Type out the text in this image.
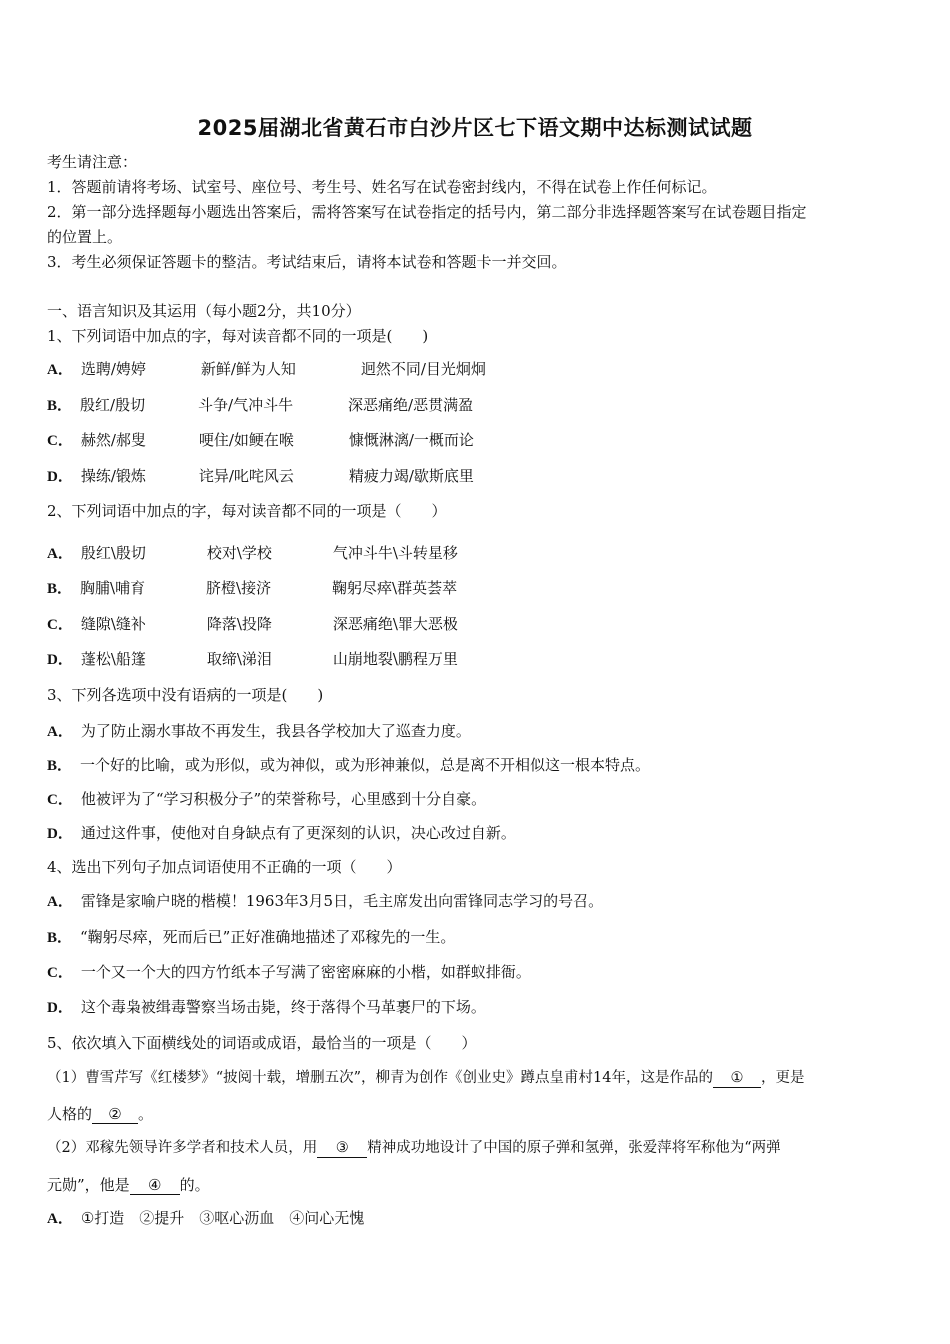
2025届湖北省黄石市白沙片区七下语文期中达标测试试题
考生请注意：
1．答题前请将考场、试室号、座位号、考生号、姓名写在试卷密封线内，不得在试卷上作任何标记。
2．第一部分选择题每小题选出答案后，需将答案写在试卷指定的括号内，第二部分非选择题答案写在试卷题目指定
的位置上。
3．考生必须保证答题卡的整洁。考试结束后，请将本试卷和答题卡一并交回。
一、语言知识及其运用（每小题2分，共10分）
1、下列词语中加点的字，每对读音都不同的一项是(　　)
A． 选聘/娉婷	新鲜/鲜为人知	迥然不同/目光炯炯
B． 殷红/殷切	斗争/气冲斗牛	深恶痛绝/恶贯满盈
C． 赫然/郝叟	哽住/如鲠在喉	慷慨淋漓/一概而论
D． 操练/锻炼	诧异/叱咤风云	精疲力竭/歇斯底里
2、下列词语中加点的字，每对读音都不同的一项是（　　）
A． 殷红\殷切	校对\学校	气冲斗牛\斗转星移
B． 胸脯\哺育	脐橙\接济	鞠躬尽瘁\群英荟萃
C． 缝隙\缝补	降落\投降	深恶痛绝\罪大恶极
D． 蓬松\船篷	取缔\涕泪	山崩地裂\鹏程万里
3、下列各选项中没有语病的一项是(　　)
A． 为了防止溺水事故不再发生，我县各学校加大了巡查力度。
B． 一个好的比喻，或为形似，或为神似，或为形神兼似，总是离不开相似这一根本特点。
C． 他被评为了“学习积极分子”的荣誉称号，心里感到十分自豪。
D． 通过这件事，使他对自身缺点有了更深刻的认识，决心改过自新。
4、选出下列句子加点词语使用不正确的一项（　　）
A． 雷锋是家喻户晓的楷模！1963年3月5日，毛主席发出向雷锋同志学习的号召。
B． “鞠躬尽瘁，死而后已”正好准确地描述了邓稼先的一生。
C． 一个又一个大的四方竹纸本子写满了密密麻麻的小楷，如群蚁排衙。
D． 这个毒枭被缉毒警察当场击毙，终于落得个马革裹尸的下场。
5、依次填入下面横线处的词语或成语，最恰当的一项是（　　）
（1）曹雪芹写《红楼梦》“披阅十载，增删五次”，柳青为创作《创业史》蹲点皇甫村14年，这是作品的 ① ，更是
人格的 ② 。
（2）邓稼先领导许多学者和技术人员，用 ③ 精神成功地设计了中国的原子弹和氢弹，张爱萍将军称他为“两弹
元勋”，他是 ④ 的。
A． ①打造　②提升　③呕心沥血　④问心无愧
